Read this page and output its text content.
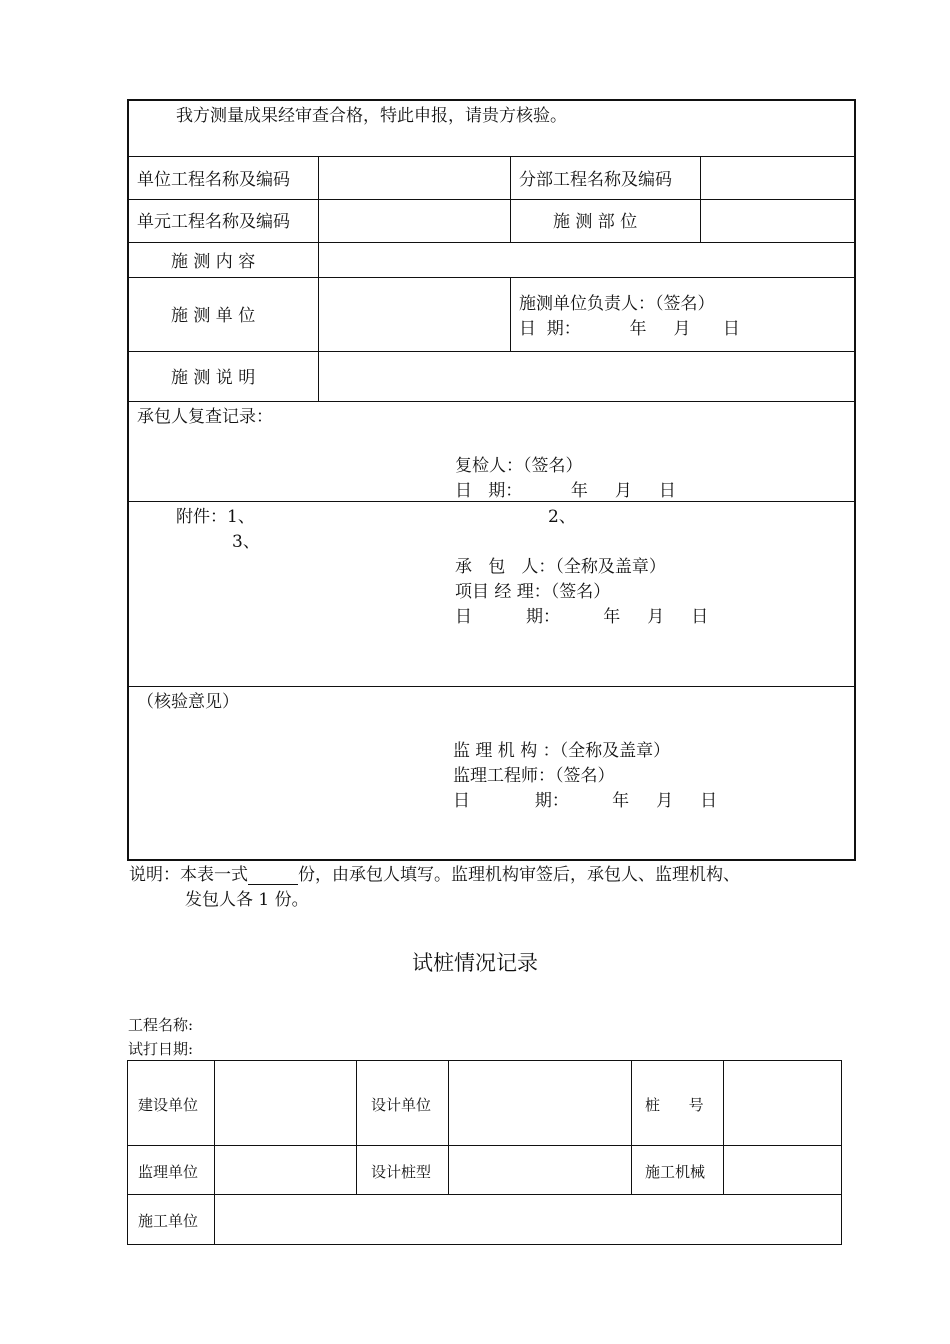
我方测量成果经审查合格，特此申报，请贵方核验。
单位工程名称及编码	分部工程名称及编码
单元工程名称及编码	施 测 部 位
施 测 内 容
施 测 单 位
施测单位负责人：（签名）
日  期：         年     月      日
施 测 说 明
承包人复查记录：
复检人：（签名）
日   期：         年     月     日
附件：1、	2、
3、
承   包   人：（全称及盖章）
项目 经 理：（签名）
日          期：        年     月     日
（核验意见）
监 理 机 构 ：（全称及盖章）
监理工程师：（签名）
日            期：        年     月     日
说明：本表一式	份，由承包人填写。监理机构审签后，承包人、监理机构、
发包人各 1 份。
试桩情况记录
工程名称:
试打日期:
建设单位	设计单位	桩      号
监理单位	设计桩型	施工机械
施工单位
